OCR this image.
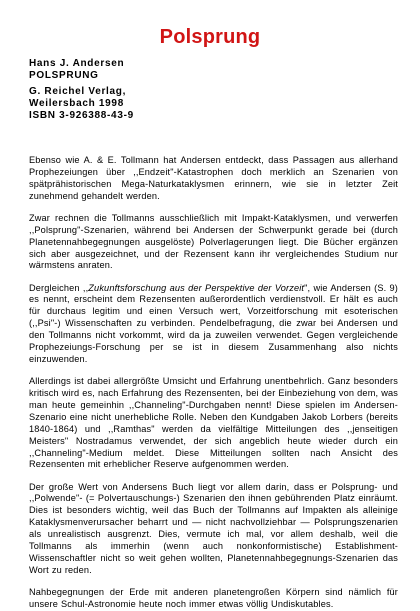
Polsprung
Hans J. Andersen
POLSPRUNG
G. Reichel Verlag,
Weilersbach 1998
ISBN 3-926388-43-9

Ebenso wie A. & E. Tollmann hat Andersen entdeckt, dass Passagen aus allerhand Prophezeiungen über ,,Endzeit"-Katastrophen doch merklich an Szenarien von spätprähistorischen Mega-Naturkataklysmen erinnern, wie sie in letzter Zeit zunehmend gehandelt werden.

Zwar rechnen die Tollmanns ausschließlich mit Impakt-Kataklysmen, und verwerfen ,,Polsprung"-Szenarien, während bei Andersen der Schwerpunkt gerade bei (durch Planetennahbegegnungen ausgelöste) Polverlagerungen liegt. Die Bücher ergänzen sich aber ausgezeichnet, und der Rezensent kann ihr vergleichendes Studium nur wärmstens anraten.

Dergleichen ,,Zukunftsforschung aus der Perspektive der Vorzeit", wie Andersen (S. 9) es nennt, erscheint dem Rezensenten außerordentlich verdienstvoll. Er hält es auch für durchaus legitim und einen Versuch wert, Vorzeitforschung mit esoterischen (,,Psi"-) Wissenschaften zu verbinden. Pendelbefragung, die zwar bei Andersen und den Tollmanns nicht vorkommt, wird da ja zuweilen verwendet. Gegen vergleichende Prophezeiungs-Forschung per se ist in diesem Zusammenhang also nichts einzuwenden.

Allerdings ist dabei allergrößte Umsicht und Erfahrung unentbehrlich. Ganz besonders kritisch wird es, nach Erfahrung des Rezensenten, bei der Einbeziehung von dem, was man heute gemeinhin ,,Channeling"-Durchgaben nennt! Diese spielen im Andersen-Szenario eine nicht unerhebliche Rolle. Neben den Kundgaben Jakob Lorbers (bereits 1840-1864) und ,,Ramthas" werden da vielfältige Mitteilungen des ,,jenseitigen Meisters" Nostradamus verwendet, der sich angeblich heute wieder durch ein ,,Channeling"-Medium meldet. Diese Mitteilungen sollten nach Ansicht des Rezensenten mit erheblicher Reserve aufgenommen werden.

Der große Wert von Andersens Buch liegt vor allem darin, dass er Polsprung- und ,,Polwende"- (= Polvertauschungs-) Szenarien den ihnen gebührenden Platz einräumt. Dies ist besonders wichtig, weil das Buch der Tollmanns auf Impakten als alleinige Kataklysmenverursacher beharrt und — nicht nachvollziehbar — Polsprungszenarien als unrealistisch ausgrenzt. Dies, vermute ich mal, vor allem deshalb, weil die Tollmanns als immerhin (wenn auch nonkonformistische) Establishment-Wissenschaftler nicht so weit gehen wollten, Planetennahbegegnungs-Szenarien das Wort zu reden.

Nahbegegnungen der Erde mit anderen planetengroßen Körpern sind nämlich für unsere Schul-Astronomie heute noch immer etwas völlig Undiskutables.
